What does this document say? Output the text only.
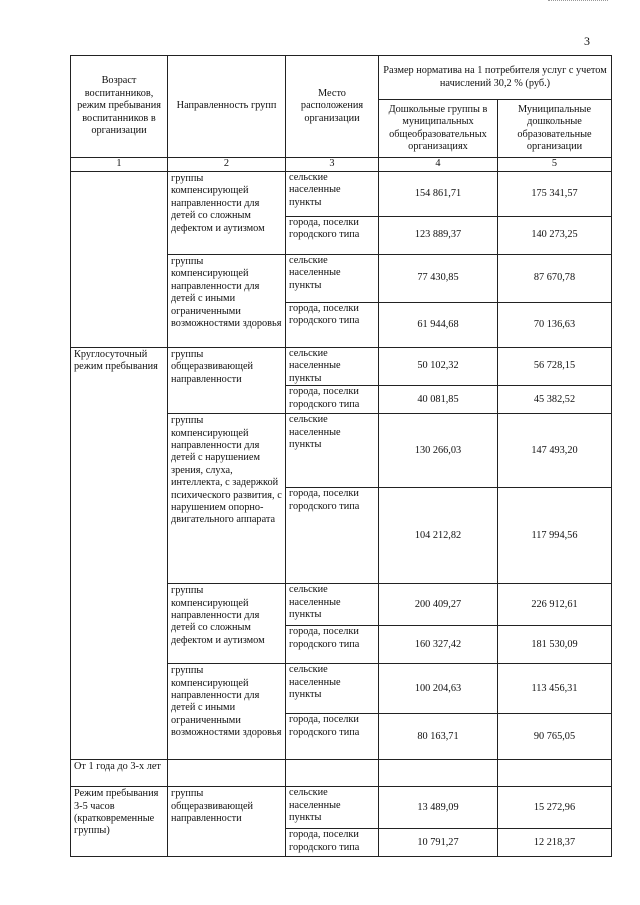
3
Возраст воспитанников, режим пребывания воспитанников в организации	Направленность групп	Место расположения организации	Размер норматива на 1 потребителя услуг с учетом начислений 30,2 % (руб.)	
			Дошкольные группы в муниципальных общеобразовательных организациях	Муниципальные дошкольные образовательные организации
1	2	3	4	5
	группы компенсирующей направленности для детей со сложным дефектом и аутизмом	сельские населенные пункты	154 861,71	175 341,57
		города, поселки городского типа	123 889,37	140 273,25
	группы компенсирующей направленности для детей с иными ограниченными возможностями здоровья	сельские населенные пункты	77 430,85	87 670,78
		города, поселки городского типа	61 944,68	70 136,63
Круглосуточный режим пребывания	группы общеразвивающей направленности	сельские населенные пункты	50 102,32	56 728,15
		города, поселки городского типа	40 081,85	45 382,52
	группы компенсирующей направленности для детей с нарушением зрения, слуха, интеллекта, с задержкой психического развития, с нарушением опорно-двигательного аппарата	сельские населенные пункты	130 266,03	147 493,20
		города, поселки городского типа	104 212,82	117 994,56
	группы компенсирующей направленности для детей со сложным дефектом и аутизмом	сельские населенные пункты	200 409,27	226 912,61
		города, поселки городского типа	160 327,42	181 530,09
	группы компенсирующей направленности для детей с иными ограниченными возможностями здоровья	сельские населенные пункты	100 204,63	113 456,31
		города, поселки городского типа	80 163,71	90 765,05
От 1 года до 3-х лет				
Режим пребывания 3-5 часов (кратковременные группы)	группы общеразвивающей направленности	сельские населенные пункты	13 489,09	15 272,96
		города, поселки городского типа	10 791,27	12 218,37
